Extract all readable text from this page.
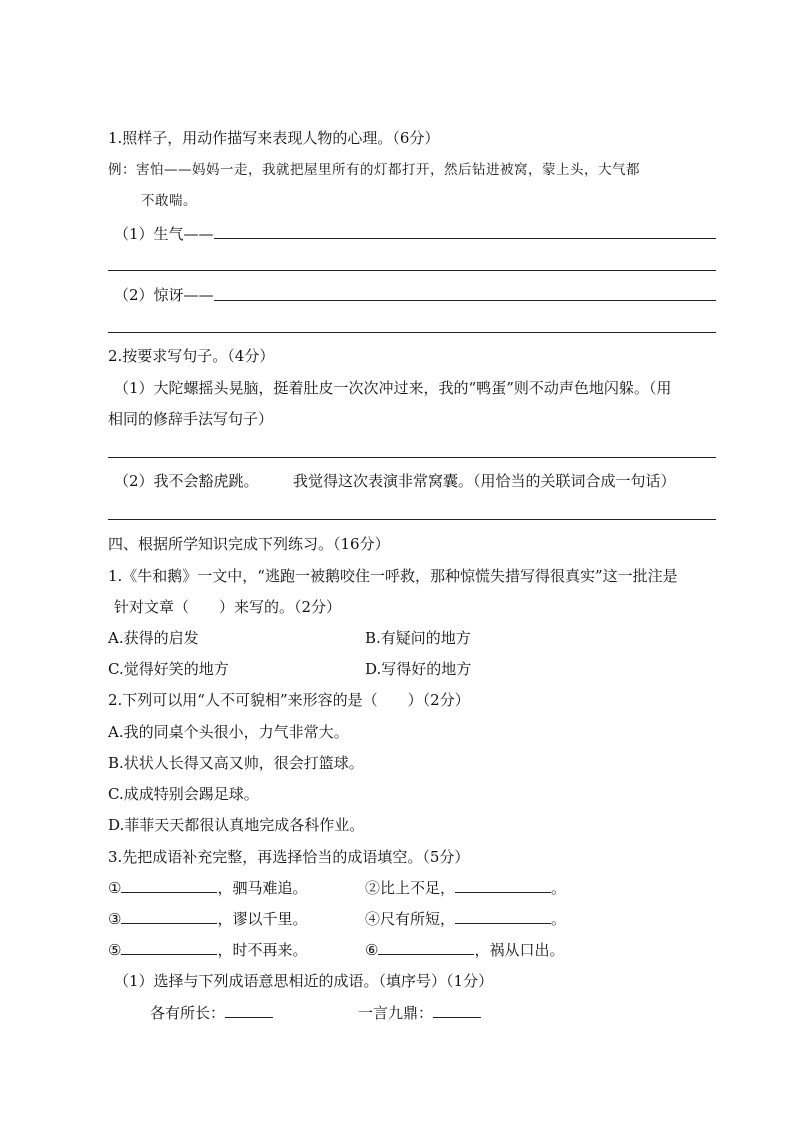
1.照样子，用动作描写来表现人物的心理。（6分）
例：害怕——妈妈一走，我就把屋里所有的灯都打开，然后钻进被窝，蒙上头，大气都
不敢喘。
（1）生气——
（2）惊讶——
2.按要求写句子。（4分）
（1）大陀螺摇头晃脑，挺着肚皮一次次冲过来，我的“鸭蛋”则不动声色地闪躲。（用
相同的修辞手法写句子）
（2）我不会豁虎跳。 我觉得这次表演非常窝囊。（用恰当的关联词合成一句话）
四、根据所学知识完成下列练习。（16分）
1.《牛和鹅》一文中，“逃跑一被鹅咬住一呼救，那种惊慌失措写得很真实”这一批注是
针对文章（　　）来写的。（2分）
A.获得的启发	B.有疑问的地方
C.觉得好笑的地方	D.写得好的地方
2.下列可以用“人不可貌相”来形容的是（　　）（2分）
A.我的同桌个头很小，力气非常大。
B.状状人长得又高又帅，很会打篮球。
C.成成特别会踢足球。
D.菲菲天天都很认真地完成各科作业。
3.先把成语补充完整，再选择恰当的成语填空。（5分）
①	，驷马难追。	②比上不足，	。
③	，谬以千里。	④尺有所短，	。
⑤	，时不再来。	⑥	，祸从口出。
（1）选择与下列成语意思相近的成语。（填序号）（1分）
各有所长：	一言九鼎：
